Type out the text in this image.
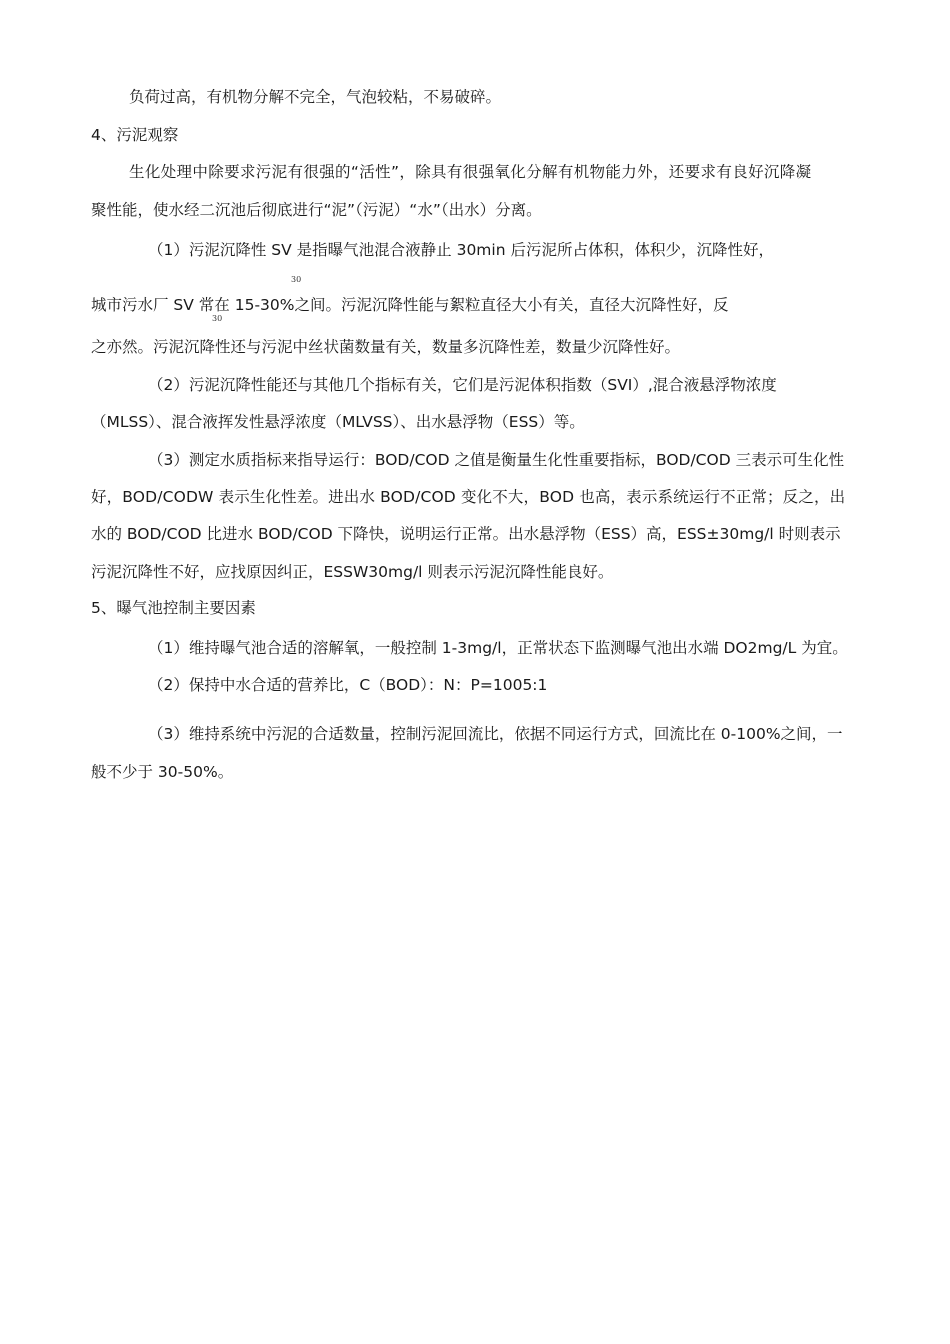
负荷过高，有机物分解不完全，气泡较粘，不易破碎。
4、污泥观察
生化处理中除要求污泥有很强的“活性”，除具有很强氧化分解有机物能力外，还要求有良好沉降凝
聚性能，使水经二沉池后彻底进行“泥”（污泥）“水”（出水）分离。
（1）污泥沉降性 SV 是指曝气池混合液静止 30min 后污泥所占体积，体积少，沉降性好，
30
城市污水厂 SV 常在 15-30%之间。污泥沉降性能与絮粒直径大小有关，直径大沉降性好，反
30
之亦然。污泥沉降性还与污泥中丝状菌数量有关，数量多沉降性差，数量少沉降性好。
（2）污泥沉降性能还与其他几个指标有关，它们是污泥体积指数（SVI）,混合液悬浮物浓度
（MLSS）、混合液挥发性悬浮浓度（MLVSS）、出水悬浮物（ESS）等。
（3）测定水质指标来指导运行：BOD/COD 之值是衡量生化性重要指标，BOD/COD 三表示可生化性
好，BOD/CODW 表示生化性差。进出水 BOD/COD 变化不大，BOD 也高，表示系统运行不正常；反之，出
水的 BOD/COD 比进水 BOD/COD 下降快，说明运行正常。出水悬浮物（ESS）高，ESS±30mg/l 时则表示
污泥沉降性不好，应找原因纠正，ESSW30mg/l 则表示污泥沉降性能良好。
5、曝气池控制主要因素
（1）维持曝气池合适的溶解氧，一般控制 1-3mg/l，正常状态下监测曝气池出水端 DO2mg/L 为宜。
（2）保持中水合适的营养比，C（BOD）：N：P=1005:1
（3）维持系统中污泥的合适数量，控制污泥回流比，依据不同运行方式，回流比在 0-100%之间，一
般不少于 30-50%。
